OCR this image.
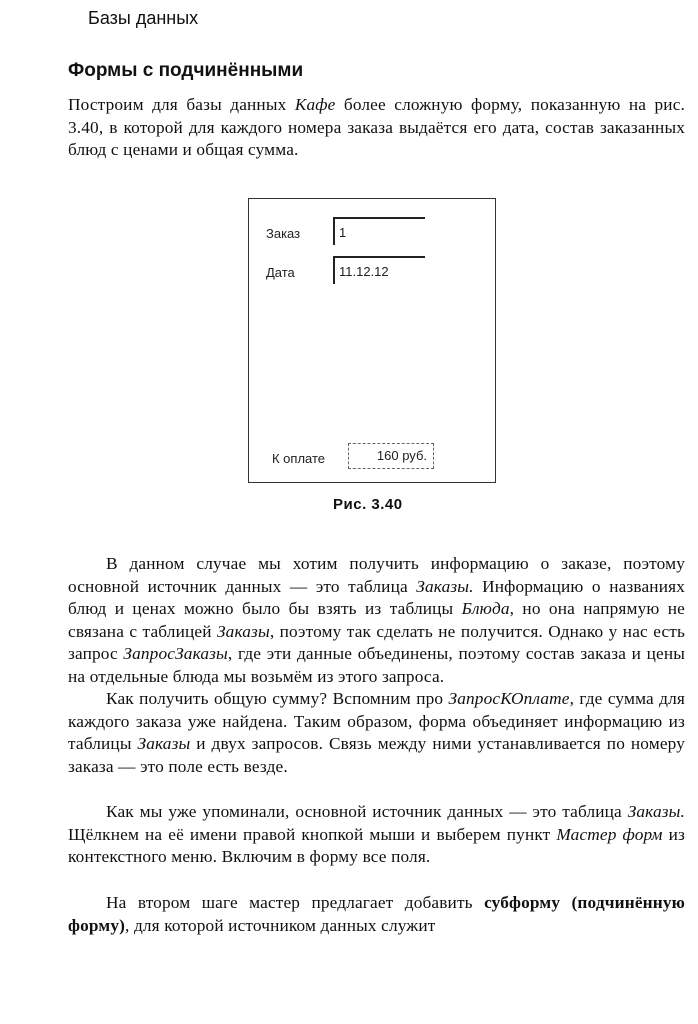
Базы данных
Формы с подчинёнными

Построим для базы данных Кафе более сложную форму, показанную на рис. 3.40, в которой для каждого номера заказа выдаётся его дата, состав заказанных блюд с ценами и общая сумма.

Заказ	1
Дата	11.12.12
К оплате	160 руб.
Рис. 3.40

В данном случае мы хотим получить информацию о заказе, поэтому основной источник данных — это таблица Заказы. Информацию о названиях блюд и ценах можно было бы взять из таблицы Блюда, но она напрямую не связана с таблицей Заказы, поэтому так сделать не получится. Однако у нас есть запрос ЗапросЗаказы, где эти данные объединены, поэтому состав заказа и цены на отдельные блюда мы возьмём из этого запроса.

Как получить общую сумму? Вспомним про ЗапросКОплате, где сумма для каждого заказа уже найдена. Таким образом, форма объединяет информацию из таблицы Заказы и двух запросов. Связь между ними устанавливается по номеру заказа — это поле есть везде.

Как мы уже упоминали, основной источник данных — это таблица Заказы. Щёлкнем на её имени правой кнопкой мыши и выберем пункт Мастер форм из контекстного меню. Включим в форму все поля.

На втором шаге мастер предлагает добавить субформу (подчинённую форму), для которой источником данных служит
